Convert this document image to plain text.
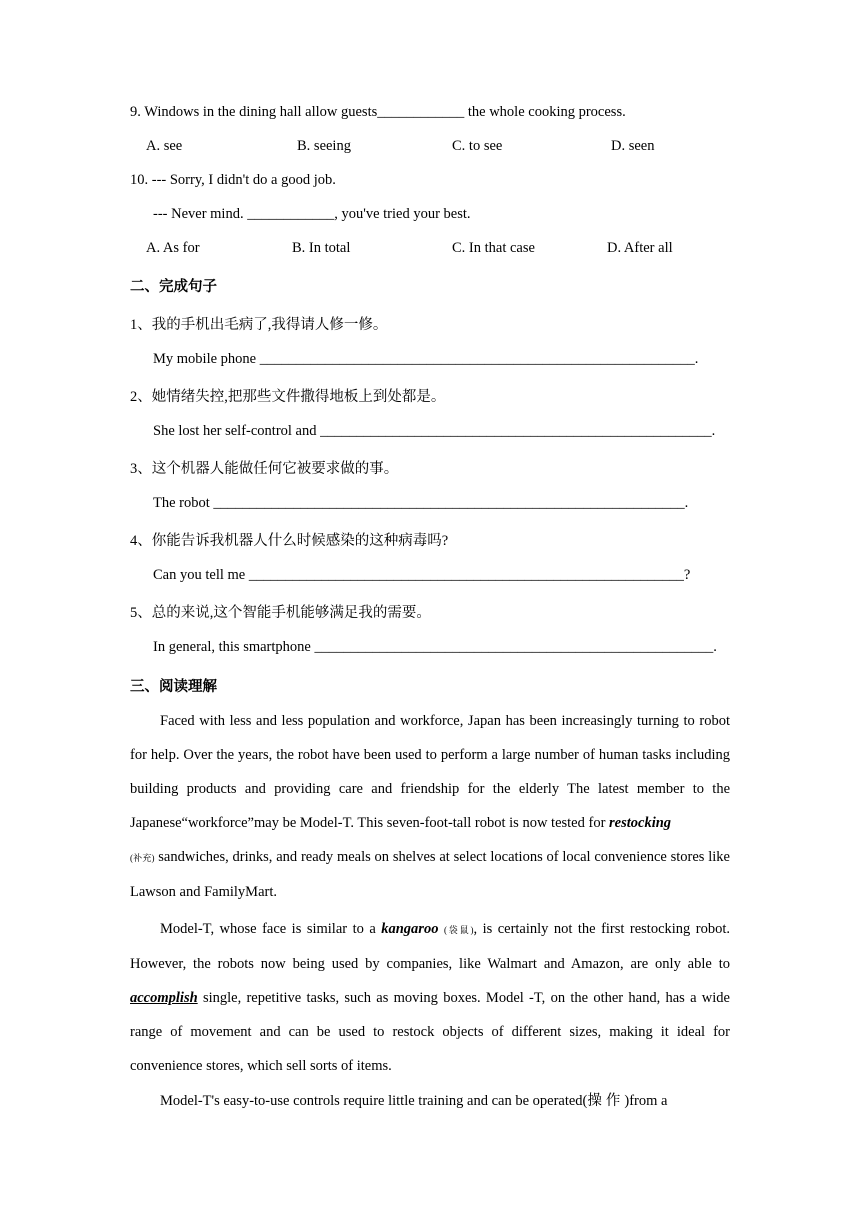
9. Windows in the dining hall allow guests____________ the whole cooking process.
A. see	B. seeing	C. to see	D. seen
10. --- Sorry, I didn't do a good job.
--- Never mind. ____________, you've tried your best.
A. As for	B. In total	C. In that case	D. After all
二、完成句子
1、我的手机出毛病了,我得请人修一修。
My mobile phone ____________________________________________________________.
2、她情绪失控,把那些文件撒得地板上到处都是。
She lost her self-control and ______________________________________________________.
3、这个机器人能做任何它被要求做的事。
The robot _________________________________________________________________.
4、你能告诉我机器人什么时候感染的这种病毒吗?
Can you tell me ____________________________________________________________?
5、总的来说,这个智能手机能够满足我的需要。
In general, this smartphone _______________________________________________________.
三、阅读理解
Faced with less and less population and workforce, Japan has been increasingly turning to robot for help. Over the years, the robot have been used to perform a large number of human tasks including building products and providing care and friendship for the elderly The latest member to the Japanese“workforce”may be Model-T. This seven-foot-tall robot is now tested for restocking
(补充) sandwiches, drinks, and ready meals on shelves at select locations of local convenience stores like Lawson and FamilyMart.
Model-T, whose face is similar to a kangaroo (袋鼠), is certainly not the first restocking robot. However, the robots now being used by companies, like Walmart and Amazon, are only able to accomplish single, repetitive tasks, such as moving boxes. Model -T, on the other hand, has a wide range of movement and can be used to restock objects of different sizes, making it ideal for convenience stores, which sell sorts of items.
Model-T's easy-to-use controls require little training and can be operated(操作)from a
